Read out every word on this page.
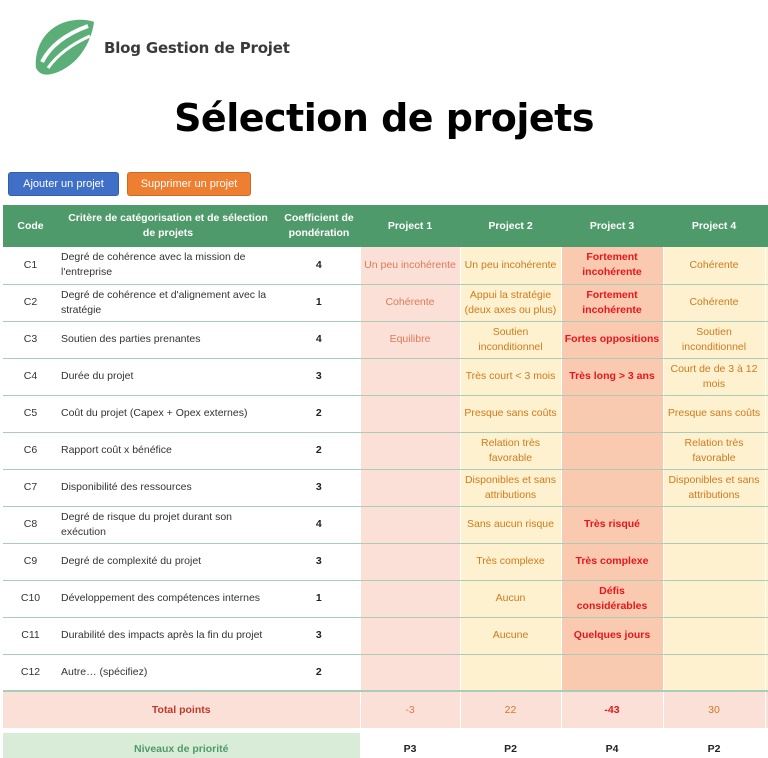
Blog Gestion de Projet
Sélection de projets
Ajouter un projet	Supprimer un projet
Code	Critère de catégorisation et de sélection de projets	Coefficient de pondération	Project 1	Project 2	Project 3	Project 4	
C1	Degré de cohérence avec la mission de l'entreprise	4	Un peu incohérente	Un peu incohérente	Fortement incohérente	Cohérente	
C2	Degré de cohérence et d'alignement avec la stratégie	1	Cohérente	Appui la stratégie (deux axes ou plus)	Fortement incohérente	Cohérente	
C3	Soutien des parties prenantes	4	Equilibre	Soutien inconditionnel	Fortes oppositions	Soutien inconditionnel	
C4	Durée du projet	3		Très court < 3 mois	Très long > 3 ans	Court de de 3 à 12 mois	
C5	Coût du projet (Capex + Opex externes)	2		Presque sans coûts		Presque sans coûts	
C6	Rapport coût x bénéfice	2		Relation très favorable		Relation très favorable	
C7	Disponibilité des ressources	3		Disponibles et sans attributions		Disponibles et sans attributions	
C8	Degré de risque du projet durant son exécution	4		Sans aucun risque	Très risqué		
C9	Degré de complexité du projet	3		Très complexe	Très complexe		
C10	Développement des compétences internes	1		Aucun	Défis considérables		
C11	Durabilité des impacts après la fin du projet	3		Aucune	Quelques jours		
C12	Autre… (spécifiez)	2					
Total points			-3	22	-43	30	

Niveaux de priorité			P3	P2	P4	P2	
